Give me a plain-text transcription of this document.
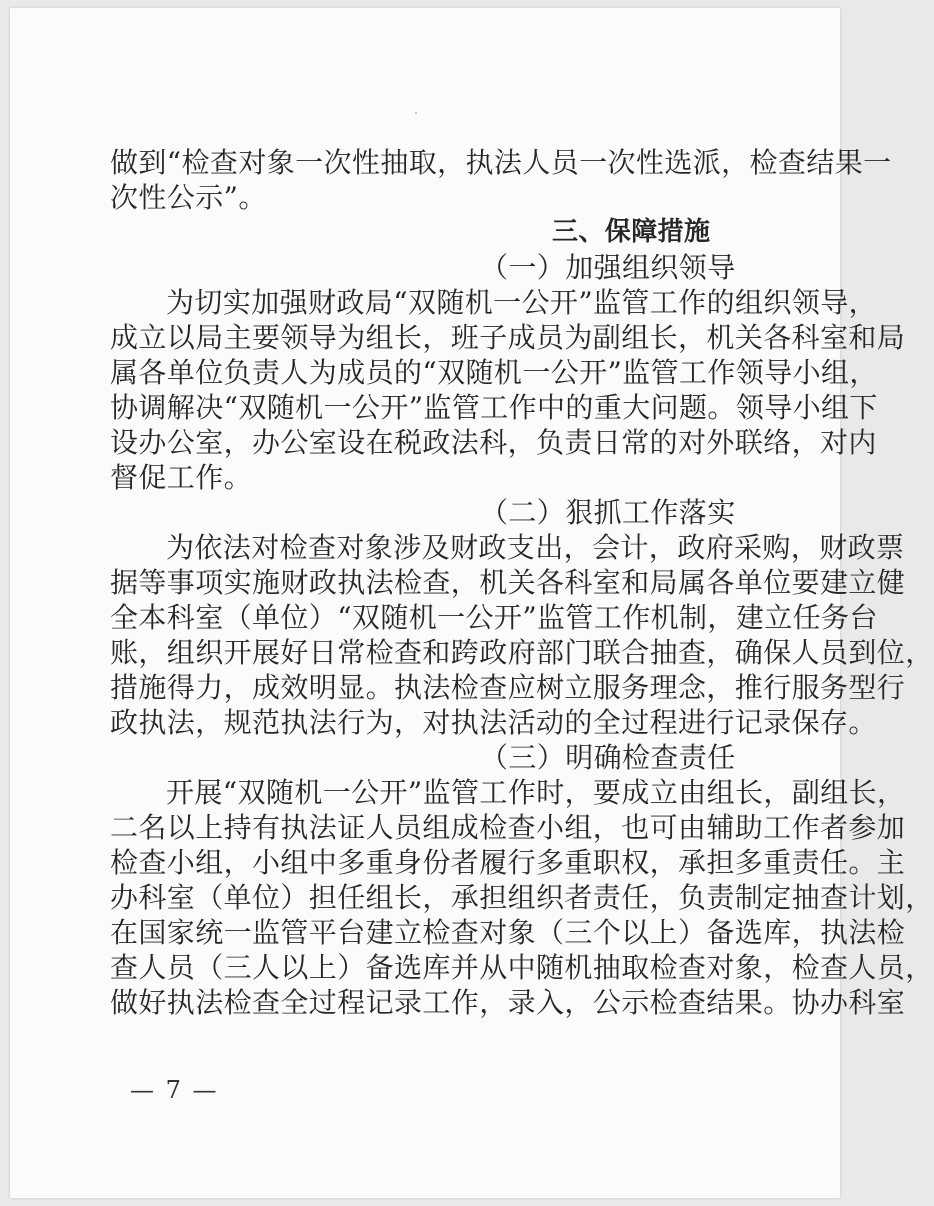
做到“检查对象一次性抽取，执法人员一次性选派，检查结果一
次性公示”。
三、保障措施
（一）加强组织领导
为切实加强财政局“双随机一公开”监管工作的组织领导，
成立以局主要领导为组长，班子成员为副组长，机关各科室和局
属各单位负责人为成员的“双随机一公开”监管工作领导小组，
协调解决“双随机一公开”监管工作中的重大问题。领导小组下
设办公室，办公室设在税政法科，负责日常的对外联络，对内
督促工作。
（二）狠抓工作落实
为依法对检查对象涉及财政支出，会计，政府采购，财政票
据等事项实施财政执法检查，机关各科室和局属各单位要建立健
全本科室（单位）“双随机一公开”监管工作机制，建立任务台
账，组织开展好日常检查和跨政府部门联合抽查，确保人员到位，
措施得力，成效明显。执法检查应树立服务理念，推行服务型行
政执法，规范执法行为，对执法活动的全过程进行记录保存。
（三）明确检查责任
开展“双随机一公开”监管工作时，要成立由组长，副组长，
二名以上持有执法证人员组成检查小组，也可由辅助工作者参加
检查小组，小组中多重身份者履行多重职权，承担多重责任。主
办科室（单位）担任组长，承担组织者责任，负责制定抽查计划，
在国家统一监管平台建立检查对象（三个以上）备选库，执法检
查人员（三人以上）备选库并从中随机抽取检查对象，检查人员，
做好执法检查全过程记录工作，录入，公示检查结果。协办科室
— 7 —
